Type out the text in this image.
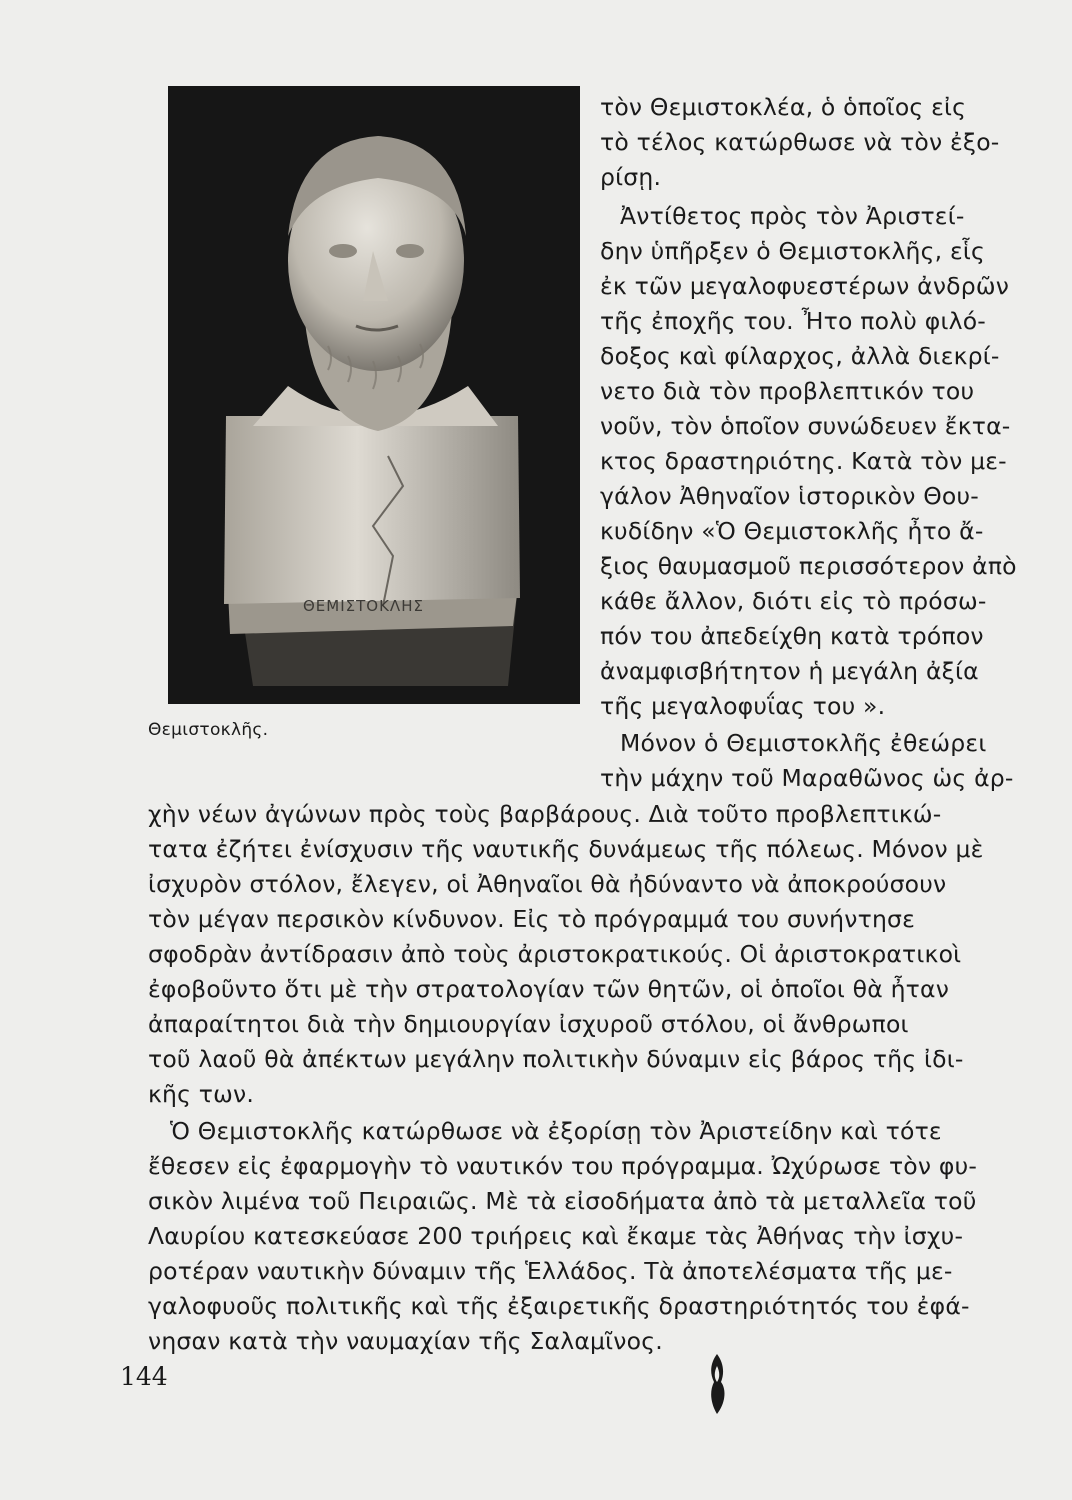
ΘΕΜΙΣΤΟΚΛΗΣ
Θεμιστοκλῆς.
τὸν Θεμιστοκλέα, ὁ ὁποῖος εἰς
τὸ τέλος κατώρθωσε νὰ τὸν ἐξο-
ρίσῃ.
Ἀντίθετος πρὸς τὸν Ἀριστεί-
δην ὑπῆρξεν ὁ Θεμιστοκλῆς, εἷς
ἐκ τῶν μεγαλοφυεστέρων ἀνδρῶν
τῆς ἐποχῆς του. Ἦτο πολὺ φιλό-
δοξος καὶ φίλαρχος, ἀλλὰ διεκρί-
νετο διὰ τὸν προβλεπτικόν του
νοῦν, τὸν ὁποῖον συνώδευεν ἔκτα-
κτος δραστηριότης. Κατὰ τὸν με-
γάλον Ἀθηναῖον ἱστορικὸν Θου-
κυδίδην «Ὁ Θεμιστοκλῆς ἦτο ἄ-
ξιος θαυμασμοῦ περισσότερον ἀπὸ
κάθε ἄλλον, διότι εἰς τὸ πρόσω-
πόν του ἀπεδείχθη κατὰ τρόπον
ἀναμφισβήτητον ἡ μεγάλη ἀξία
τῆς μεγαλοφυΐας του ».
Μόνον ὁ Θεμιστοκλῆς ἐθεώρει
τὴν μάχην τοῦ Μαραθῶνος ὡς ἀρ-
χὴν νέων ἀγώνων πρὸς τοὺς βαρβάρους. Διὰ τοῦτο προβλεπτικώ-
τατα ἐζήτει ἐνίσχυσιν τῆς ναυτικῆς δυνάμεως τῆς πόλεως. Μόνον μὲ
ἰσχυρὸν στόλον, ἔλεγεν, οἱ Ἀθηναῖοι θὰ ἠδύναντο νὰ ἀποκρούσουν
τὸν μέγαν περσικὸν κίνδυνον. Εἰς τὸ πρόγραμμά του συνήντησε
σφοδρὰν ἀντίδρασιν ἀπὸ τοὺς ἀριστοκρατικούς. Οἱ ἀριστοκρατικοὶ
ἐφοβοῦντο ὅτι μὲ τὴν στρατολογίαν τῶν θητῶν, οἱ ὁποῖοι θὰ ἦταν
ἀπαραίτητοι διὰ τὴν δημιουργίαν ἰσχυροῦ στόλου, οἱ ἄνθρωποι
τοῦ λαοῦ θὰ ἀπέκτων μεγάλην πολιτικὴν δύναμιν εἰς βάρος τῆς ἰδι-
κῆς των.
Ὁ Θεμιστοκλῆς κατώρθωσε νὰ ἐξορίσῃ τὸν Ἀριστείδην καὶ τότε
ἔθεσεν εἰς ἐφαρμογὴν τὸ ναυτικόν του πρόγραμμα. Ὠχύρωσε τὸν φυ-
σικὸν λιμένα τοῦ Πειραιῶς. Μὲ τὰ εἰσοδήματα ἀπὸ τὰ μεταλλεῖα τοῦ
Λαυρίου κατεσκεύασε 200 τριήρεις καὶ ἔκαμε τὰς Ἀθήνας τὴν ἰσχυ-
ροτέραν ναυτικὴν δύναμιν τῆς Ἑλλάδος. Τὰ ἀποτελέσματα τῆς με-
γαλοφυοῦς πολιτικῆς καὶ τῆς ἐξαιρετικῆς δραστηριότητός του ἐφά-
νησαν κατὰ τὴν ναυμαχίαν τῆς Σαλαμῖνος.
144
